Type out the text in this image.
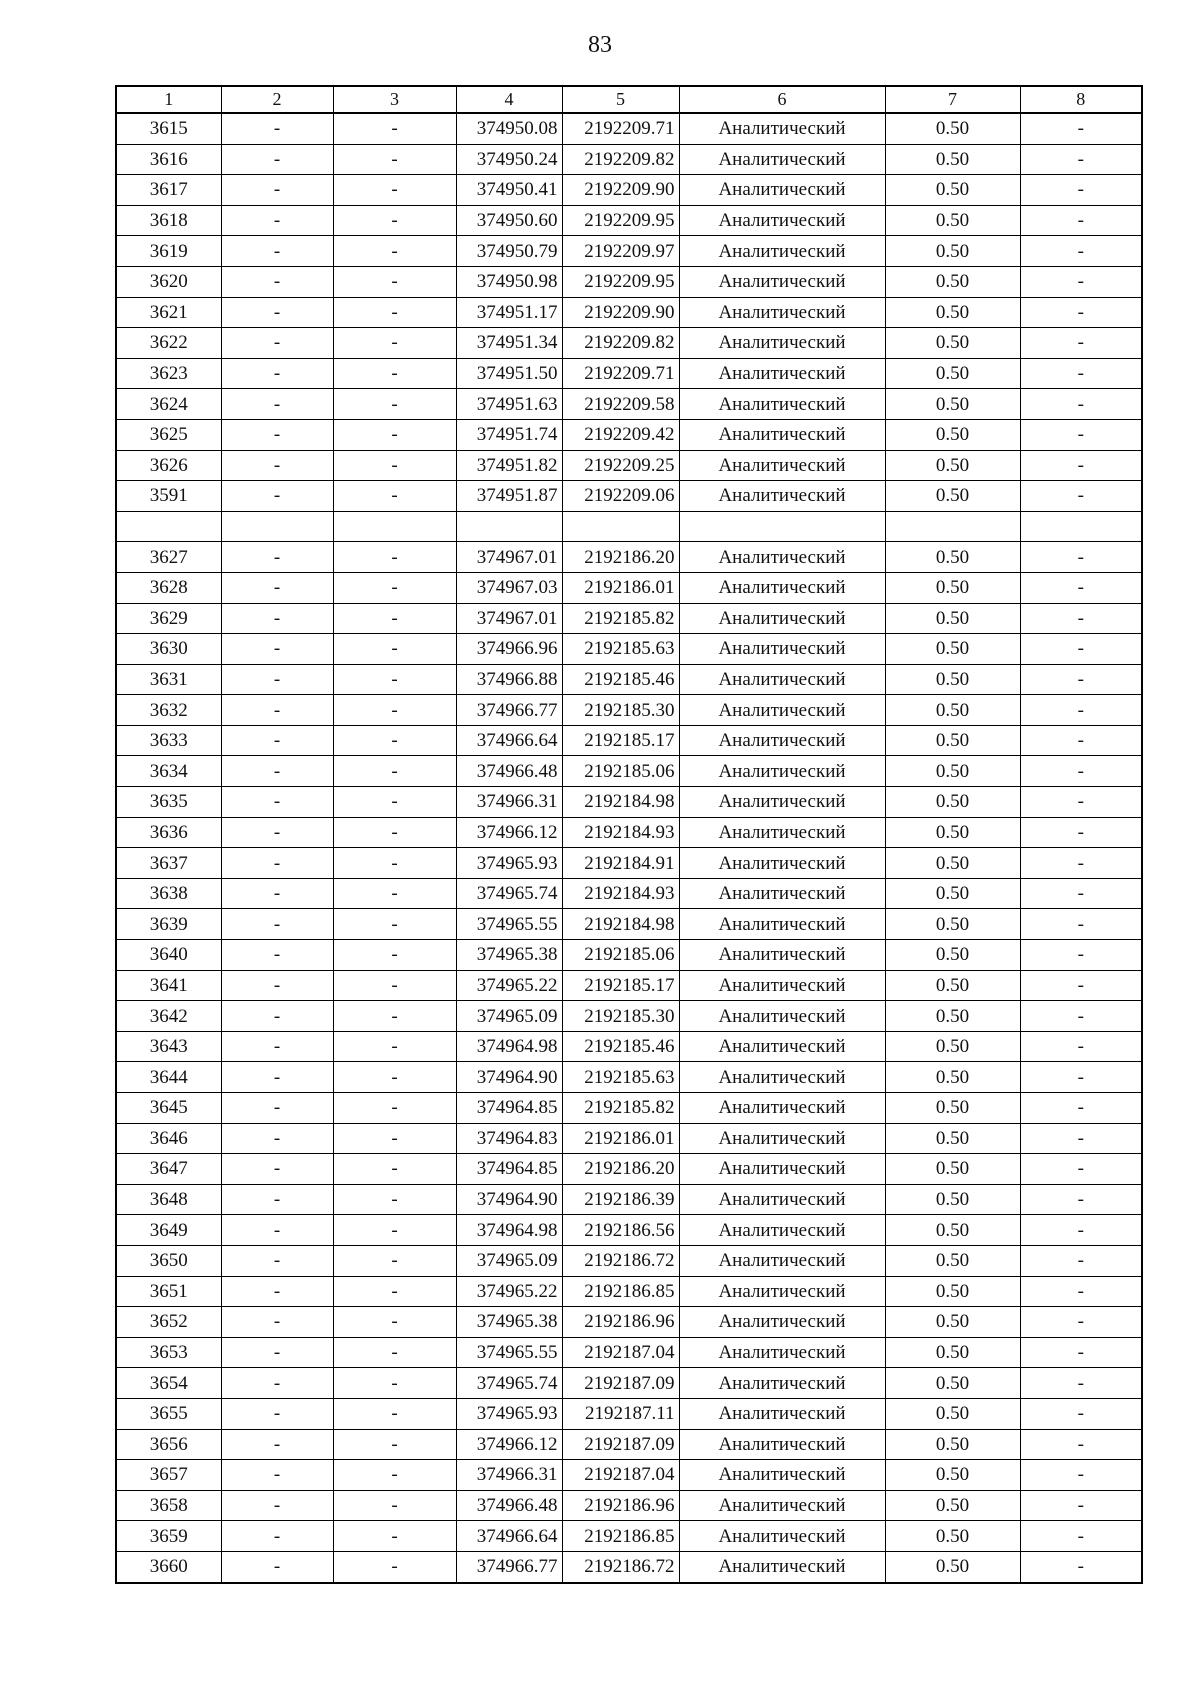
83
1	2	3	4	5	6	7	8
3615	-	-	374950.08	2192209.71	Аналитический	0.50	-
3616	-	-	374950.24	2192209.82	Аналитический	0.50	-
3617	-	-	374950.41	2192209.90	Аналитический	0.50	-
3618	-	-	374950.60	2192209.95	Аналитический	0.50	-
3619	-	-	374950.79	2192209.97	Аналитический	0.50	-
3620	-	-	374950.98	2192209.95	Аналитический	0.50	-
3621	-	-	374951.17	2192209.90	Аналитический	0.50	-
3622	-	-	374951.34	2192209.82	Аналитический	0.50	-
3623	-	-	374951.50	2192209.71	Аналитический	0.50	-
3624	-	-	374951.63	2192209.58	Аналитический	0.50	-
3625	-	-	374951.74	2192209.42	Аналитический	0.50	-
3626	-	-	374951.82	2192209.25	Аналитический	0.50	-
3591	-	-	374951.87	2192209.06	Аналитический	0.50	-

3627	-	-	374967.01	2192186.20	Аналитический	0.50	-
3628	-	-	374967.03	2192186.01	Аналитический	0.50	-
3629	-	-	374967.01	2192185.82	Аналитический	0.50	-
3630	-	-	374966.96	2192185.63	Аналитический	0.50	-
3631	-	-	374966.88	2192185.46	Аналитический	0.50	-
3632	-	-	374966.77	2192185.30	Аналитический	0.50	-
3633	-	-	374966.64	2192185.17	Аналитический	0.50	-
3634	-	-	374966.48	2192185.06	Аналитический	0.50	-
3635	-	-	374966.31	2192184.98	Аналитический	0.50	-
3636	-	-	374966.12	2192184.93	Аналитический	0.50	-
3637	-	-	374965.93	2192184.91	Аналитический	0.50	-
3638	-	-	374965.74	2192184.93	Аналитический	0.50	-
3639	-	-	374965.55	2192184.98	Аналитический	0.50	-
3640	-	-	374965.38	2192185.06	Аналитический	0.50	-
3641	-	-	374965.22	2192185.17	Аналитический	0.50	-
3642	-	-	374965.09	2192185.30	Аналитический	0.50	-
3643	-	-	374964.98	2192185.46	Аналитический	0.50	-
3644	-	-	374964.90	2192185.63	Аналитический	0.50	-
3645	-	-	374964.85	2192185.82	Аналитический	0.50	-
3646	-	-	374964.83	2192186.01	Аналитический	0.50	-
3647	-	-	374964.85	2192186.20	Аналитический	0.50	-
3648	-	-	374964.90	2192186.39	Аналитический	0.50	-
3649	-	-	374964.98	2192186.56	Аналитический	0.50	-
3650	-	-	374965.09	2192186.72	Аналитический	0.50	-
3651	-	-	374965.22	2192186.85	Аналитический	0.50	-
3652	-	-	374965.38	2192186.96	Аналитический	0.50	-
3653	-	-	374965.55	2192187.04	Аналитический	0.50	-
3654	-	-	374965.74	2192187.09	Аналитический	0.50	-
3655	-	-	374965.93	2192187.11	Аналитический	0.50	-
3656	-	-	374966.12	2192187.09	Аналитический	0.50	-
3657	-	-	374966.31	2192187.04	Аналитический	0.50	-
3658	-	-	374966.48	2192186.96	Аналитический	0.50	-
3659	-	-	374966.64	2192186.85	Аналитический	0.50	-
3660	-	-	374966.77	2192186.72	Аналитический	0.50	-
